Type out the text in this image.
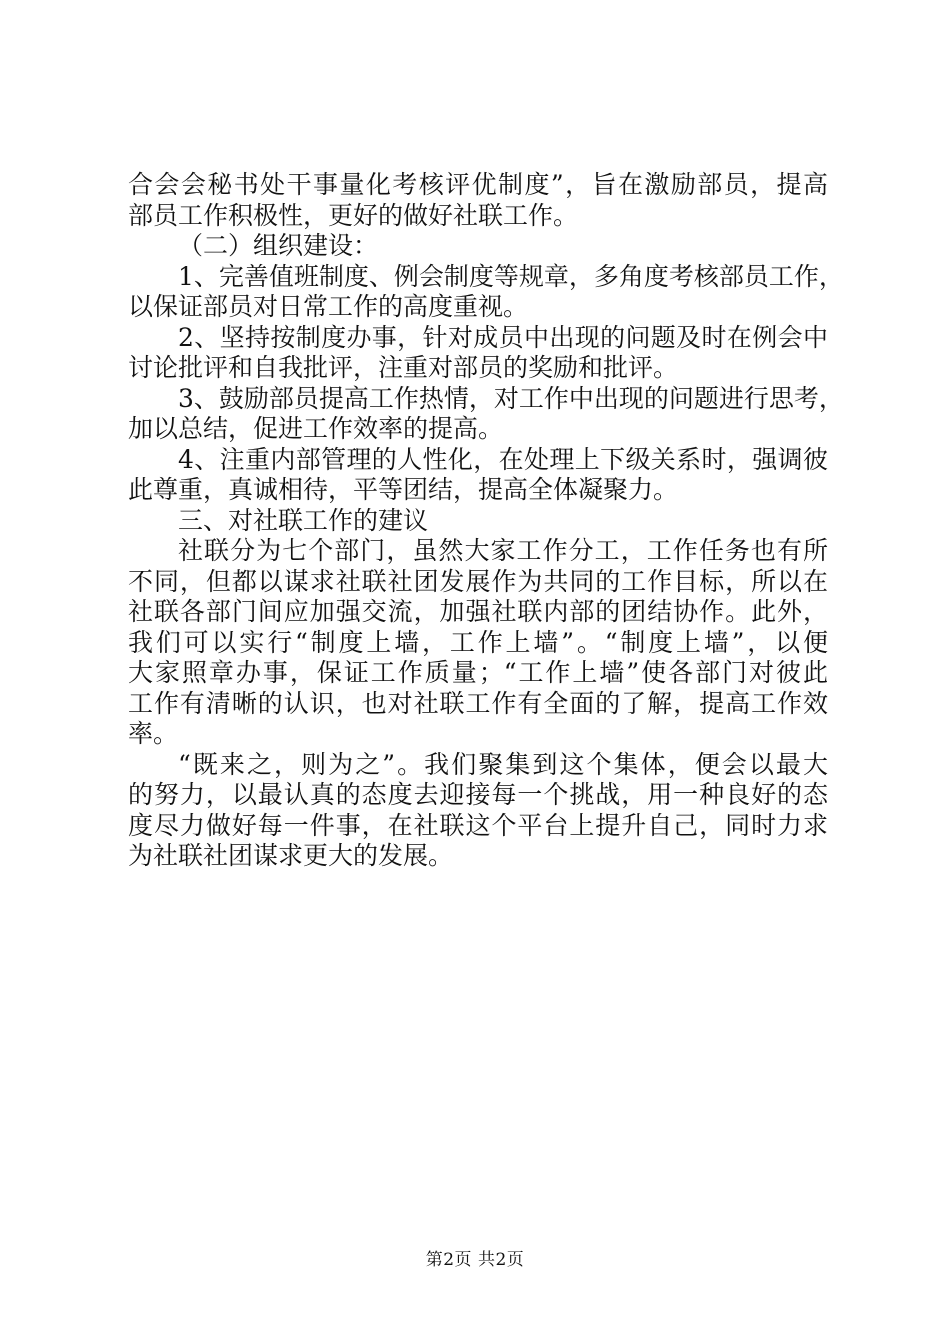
合会会秘书处干事量化考核评优制度”，旨在激励部员，提高
部员工作积极性，更好的做好社联工作。
（二）组织建设：
1、完善值班制度、例会制度等规章，多角度考核部员工作，
以保证部员对日常工作的高度重视。
2、坚持按制度办事，针对成员中出现的问题及时在例会中
讨论批评和自我批评，注重对部员的奖励和批评。
3、鼓励部员提高工作热情，对工作中出现的问题进行思考，
加以总结，促进工作效率的提高。
4、注重内部管理的人性化，在处理上下级关系时，强调彼
此尊重，真诚相待，平等团结，提高全体凝聚力。
三、对社联工作的建议
社联分为七个部门，虽然大家工作分工，工作任务也有所
不同，但都以谋求社联社团发展作为共同的工作目标，所以在
社联各部门间应加强交流，加强社联内部的团结协作。此外，
我们可以实行“制度上墙，工作上墙”。“制度上墙”，以便
大家照章办事，保证工作质量；“工作上墙”使各部门对彼此
工作有清晰的认识，也对社联工作有全面的了解，提高工作效
率。
“既来之，则为之”。我们聚集到这个集体，便会以最大
的努力，以最认真的态度去迎接每一个挑战，用一种良好的态
度尽力做好每一件事，在社联这个平台上提升自己，同时力求
为社联社团谋求更大的发展。
第2页 共2页
